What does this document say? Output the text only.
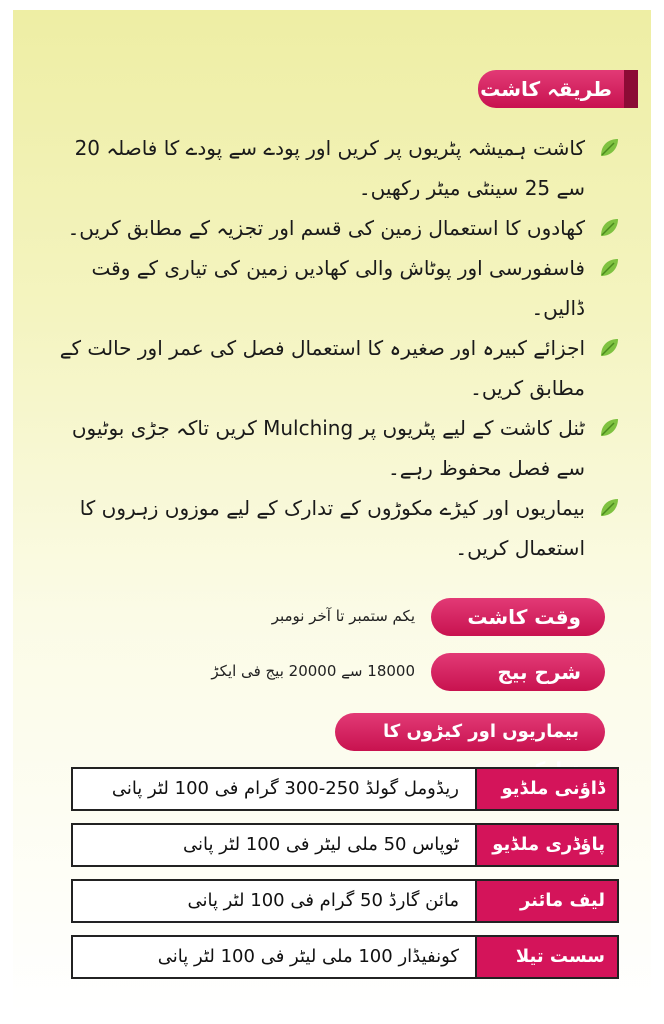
طریقہ کاشت
کاشت ہمیشہ پٹریوں پر کریں اور پودے سے پودے کا فاصلہ 20 سے 25 سینٹی میٹر رکھیں۔
کھادوں کا استعمال زمین کی قسم اور تجزیہ کے مطابق کریں۔
فاسفورسی اور پوٹاش والی کھادیں زمین کی تیاری کے وقت ڈالیں۔
اجزائے کبیرہ اور صغیرہ کا استعمال فصل کی عمر اور حالت کے مطابق کریں۔
ٹنل کاشت کے لیے پٹریوں پر Mulching کریں تاکہ جڑی بوٹیوں سے فصل محفوظ رہے۔
بیماریوں اور کیڑے مکوڑوں کے تدارک کے لیے موزوں زہروں کا استعمال کریں۔
وقت کاشت
یکم ستمبر تا آخر نومبر
شرح بیج
18000 سے 20000 بیج فی ایکڑ
بیماریوں اور کیڑوں کا
ڈاؤنی ملڈیو
ریڈومل گولڈ 250-300 گرام فی 100 لٹر پانی
پاؤڈری ملڈیو
ٹوپاس 50 ملی لیٹر فی 100 لٹر پانی
لیف مائنر
مائن گارڈ 50 گرام فی 100 لٹر پانی
سست تیلا
کونفیڈار 100 ملی لیٹر فی 100 لٹر پانی
